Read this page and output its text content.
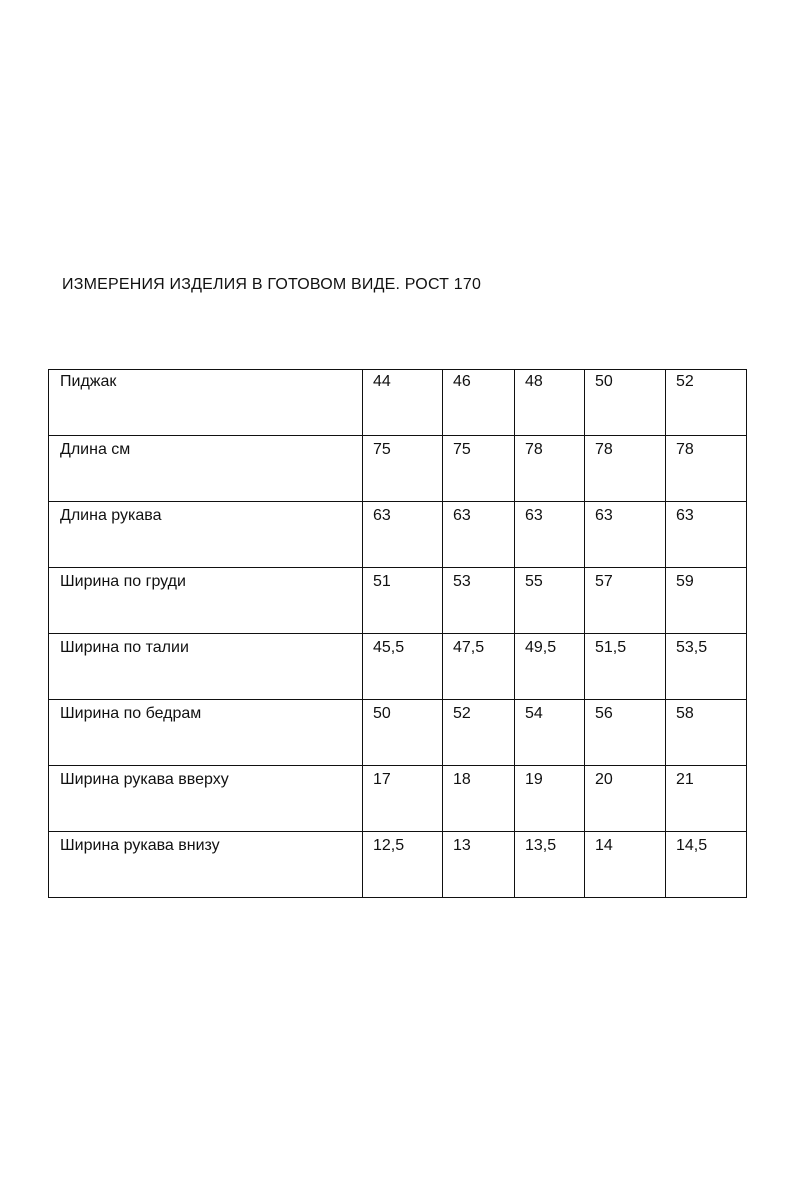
ИЗМЕРЕНИЯ ИЗДЕЛИЯ В ГОТОВОМ ВИДЕ. РОСТ 170
Пиджак	44	46	48	50	52
Длина см	75	75	78	78	78
Длина рукава	63	63	63	63	63
Ширина по груди	51	53	55	57	59
Ширина по талии	45,5	47,5	49,5	51,5	53,5
Ширина по бедрам	50	52	54	56	58
Ширина рукава вверху	17	18	19	20	21
Ширина рукава внизу	12,5	13	13,5	14	14,5
